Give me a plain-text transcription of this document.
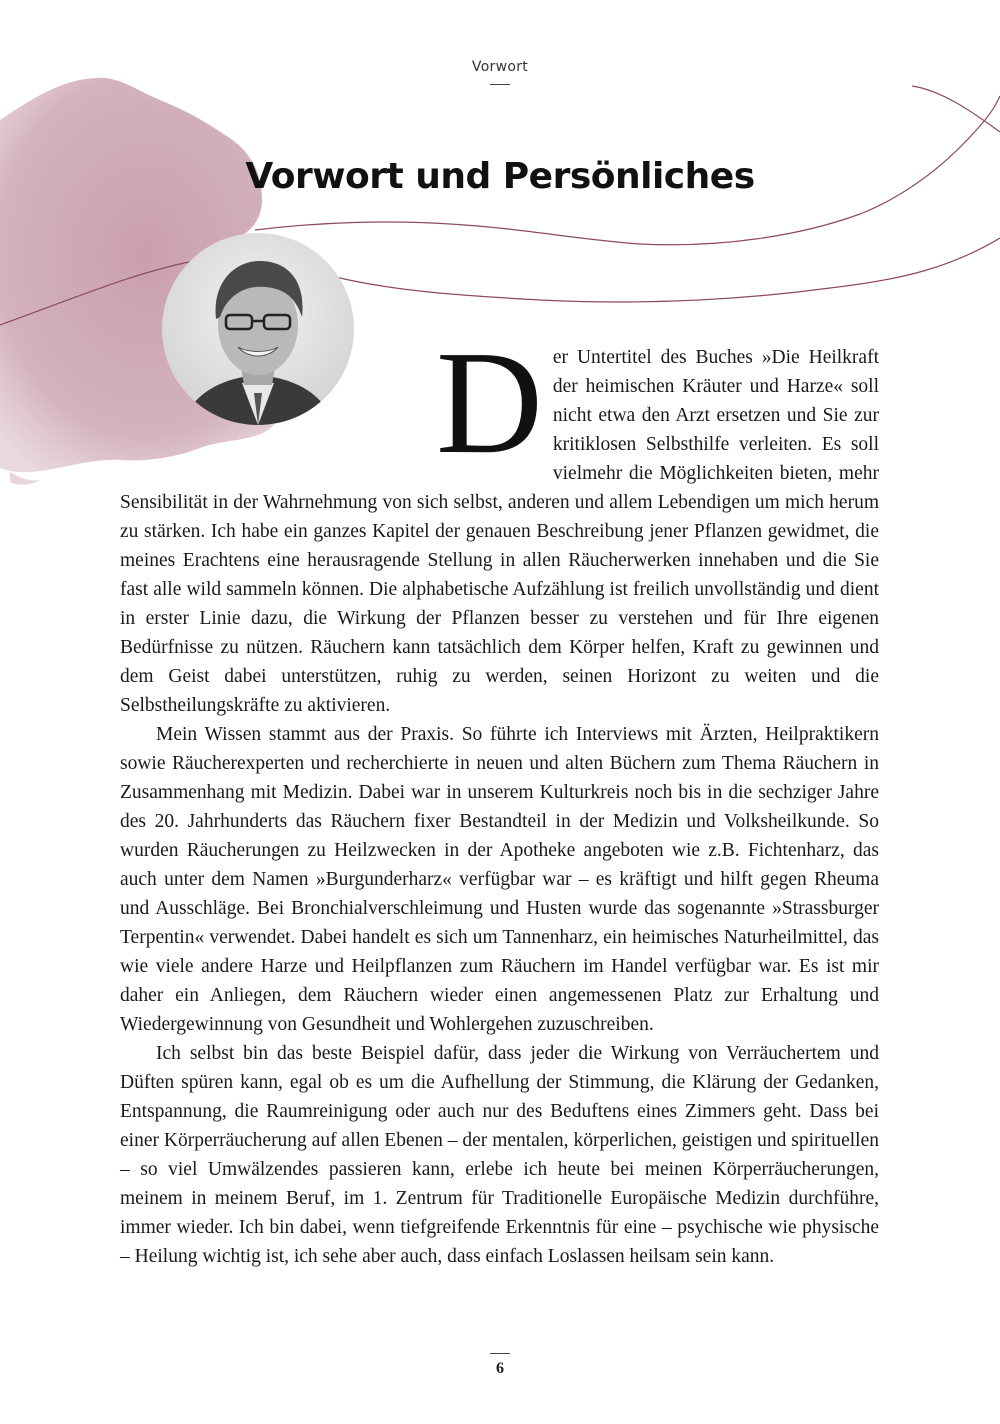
Vorwort
Vorwort und Persönliches

D er Untertitel des Buches »Die Heilkraft der heimischen Kräuter und Harze« soll nicht etwa den Arzt ersetzen und Sie zur kritiklosen Selbsthilfe verleiten. Es soll vielmehr die Möglichkeiten bieten, mehr Sensibilität in der Wahrnehmung von sich selbst, anderen und allem Lebendigen um mich herum zu stärken. Ich habe ein ganzes Kapitel der genauen Beschreibung jener Pflanzen gewidmet, die meines Erachtens eine herausragende Stellung in allen Räucherwerken innehaben und die Sie fast alle wild sammeln können. Die alphabetische Aufzählung ist freilich unvollständig und dient in erster Linie dazu, die Wirkung der Pflanzen besser zu verstehen und für Ihre eigenen Bedürfnisse zu nützen. Räuchern kann tatsächlich dem Körper helfen, Kraft zu gewinnen und dem Geist dabei unterstützen, ruhig zu werden, seinen Horizont zu weiten und die Selbstheilungskräfte zu aktivieren.

Mein Wissen stammt aus der Praxis. So führte ich Interviews mit Ärzten, Heilpraktikern sowie Räucherexperten und recherchierte in neuen und alten Büchern zum Thema Räuchern in Zusammenhang mit Medizin. Dabei war in unserem Kulturkreis noch bis in die sechziger Jahre des 20. Jahrhunderts das Räuchern fixer Bestandteil in der Medizin und Volksheilkunde. So wurden Räucherungen zu Heilzwecken in der Apotheke angeboten wie z.B. Fichtenharz, das auch unter dem Namen »Burgunderharz« verfügbar war – es kräftigt und hilft gegen Rheuma und Ausschläge. Bei Bronchialverschleimung und Husten wurde das sogenannte »Strassburger Terpentin« verwendet. Dabei handelt es sich um Tannenharz, ein heimisches Naturheilmittel, das wie viele andere Harze und Heilpflanzen zum Räuchern im Handel verfügbar war. Es ist mir daher ein Anliegen, dem Räuchern wieder einen angemessenen Platz zur Erhaltung und Wiedergewinnung von Gesundheit und Wohlergehen zuzuschreiben.

Ich selbst bin das beste Beispiel dafür, dass jeder die Wirkung von Verräuchertem und Düften spüren kann, egal ob es um die Aufhellung der Stimmung, die Klärung der Gedanken, Entspannung, die Raumreinigung oder auch nur des Beduftens eines Zimmers geht. Dass bei einer Körperräucherung auf allen Ebenen – der mentalen, körperlichen, geistigen und spirituellen – so viel Umwälzendes passieren kann, erlebe ich heute bei meinen Körperräucherungen, meinem in meinem Beruf, im 1. Zentrum für Traditionelle Europäische Medizin durchführe, immer wieder. Ich bin dabei, wenn tiefgreifende Erkenntnis für eine – psychische wie physische – Heilung wichtig ist, ich sehe aber auch, dass einfach Loslassen heilsam sein kann.

6
